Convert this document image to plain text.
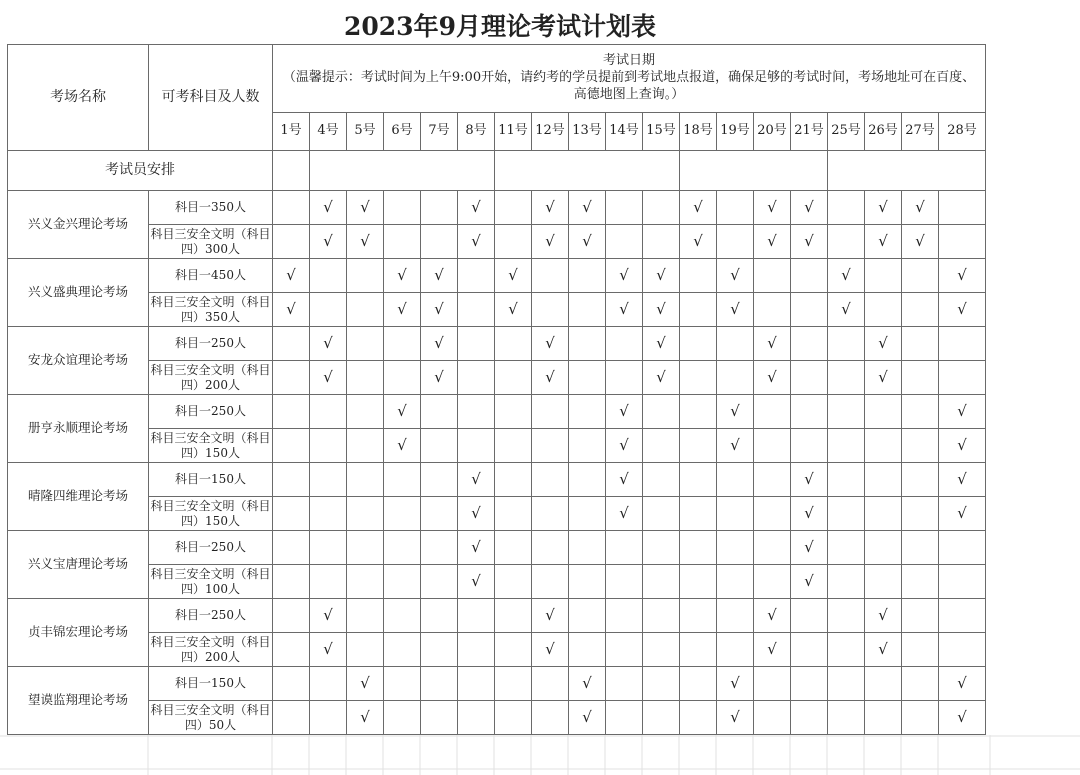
2023年9月理论考试计划表
考场名称	可考科目及人数	考试日期
（温馨提示：考试时间为上午9:00开始，请约考的学员提前到考试地点报道，确保足够的考试时间，考场地址可在百度、高德地图上查询。）																		

		1号	4号	5号	6号	7号	8号	11号	12号	13号	14号	15号	18号	19号	20号	21号	25号	26号	27号	28号
考试员安排																				
兴义金兴理论考场	科目一350人		√	√			√		√	√			√		√	√		√	√	
	科目三安全文明（科目四）300人		√	√			√		√	√			√		√	√		√	√	
兴义盛典理论考场	科目一450人	√			√	√		√			√	√		√			√			√
	科目三安全文明（科目四）350人	√			√	√		√			√	√		√			√			√
安龙众谊理论考场	科目一250人		√			√			√			√			√			√		
	科目三安全文明（科目四）200人		√			√			√			√			√			√		
册亨永顺理论考场	科目一250人				√						√			√						√
	科目三安全文明（科目四）150人				√						√			√						√
晴隆四维理论考场	科目一150人						√				√					√				√
	科目三安全文明（科目四）150人						√				√					√				√
兴义宝唐理论考场	科目一250人						√									√				
	科目三安全文明（科目四）100人						√									√				
贞丰锦宏理论考场	科目一250人		√						√						√			√		
	科目三安全文明（科目四）200人		√						√						√			√		
望谟监翔理论考场	科目一150人			√						√				√						√
	科目三安全文明（科目四）50人			√						√				√						√
